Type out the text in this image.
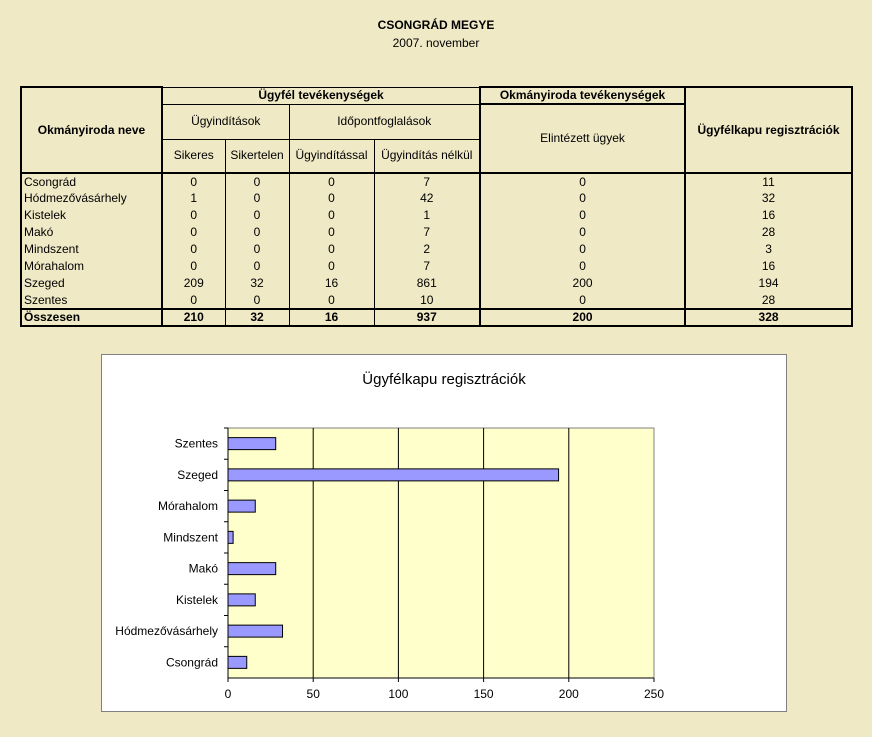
CSONGRÁD MEGYE
2007. november
Okmányiroda neve	Ügyfél tevékenységek				Okmányiroda tevékenységek	Ügyfélkapu regisztrációk
	Ügyindítások		Időpontfoglalások		Elintézett ügyek	
	Sikeres	Sikertelen	Ügyindítással	Ügyindítás nélkül		
Csongrád	0	0	0	7	0	11
Hódmezővásárhely	1	0	0	42	0	32
Kistelek	0	0	0	1	0	16
Makó	0	0	0	7	0	28
Mindszent	0	0	0	2	0	3
Mórahalom	0	0	0	7	0	16
Szeged	209	32	16	861	200	194
Szentes	0	0	0	10	0	28
Összesen	210	32	16	937	200	328
Ügyfélkapu regisztrációk
0	50	100	150	200	250
Szentes
Szeged
Mórahalom
Mindszent
Makó
Kistelek
Hódmezővásárhely
Csongrád
